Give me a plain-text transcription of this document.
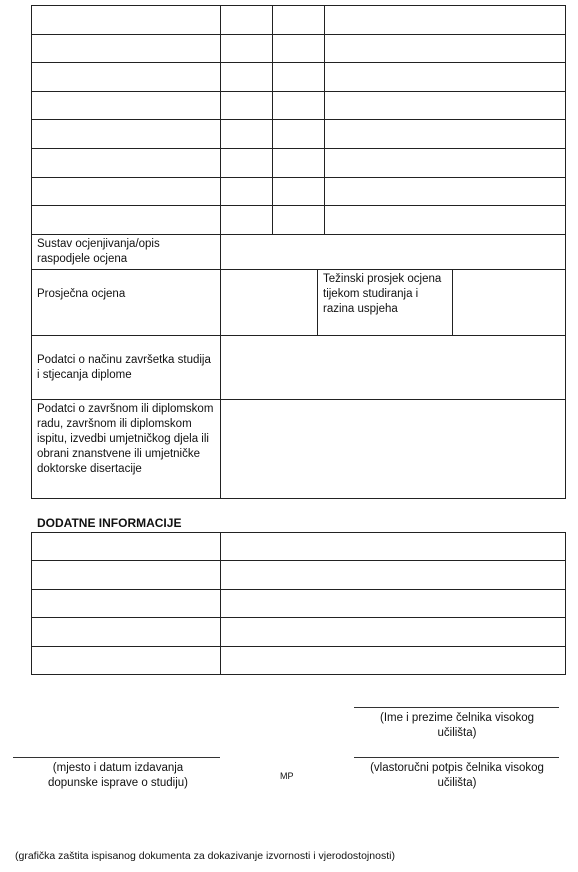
Sustav ocjenjivanja/opis raspodjele ocjena			

Prosječna ocjena		Težinski prosjek ocjena tijekom studiranja i razina uspjeha	

Podatci o načinu završetka studija i stjecanja diplome			

Podatci o završnom ili diplomskom radu, završnom ili diplomskom ispitu, izvedbi umjetničkog djela ili obrani znanstvene ili umjetničke doktorske disertacije			

DODATNE INFORMACIJE

(Ime i prezime čelnika visokog učilišta)
(mjesto i datum izdavanja dopunske isprave o studiju)
MP
(vlastoručni potpis čelnika visokog učilišta)
(grafička zaštita ispisanog dokumenta za dokazivanje izvornosti i vjerodostojnosti)
